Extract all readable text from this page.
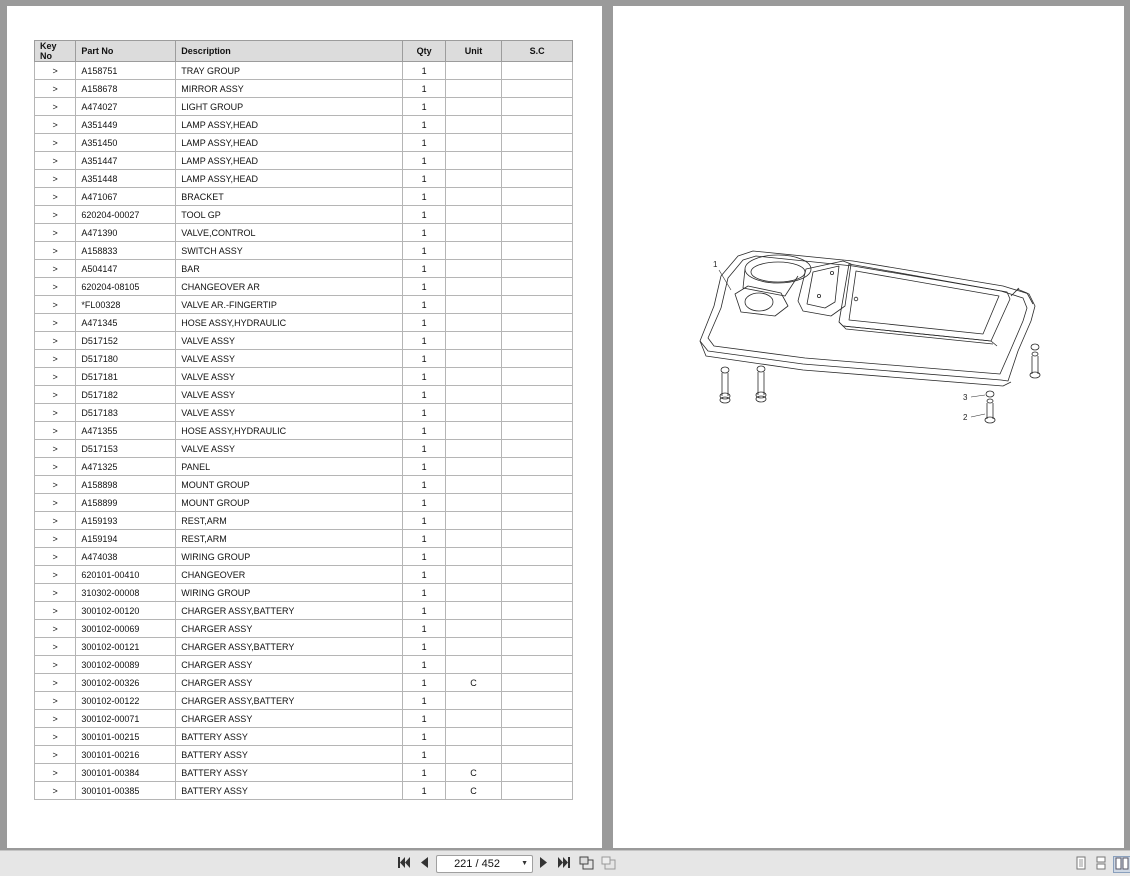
Key No	Part No	Description	Qty	Unit	S.C
>	A158751	TRAY GROUP	1		
>	A158678	MIRROR ASSY	1		
>	A474027	LIGHT GROUP	1		
>	A351449	LAMP ASSY,HEAD	1		
>	A351450	LAMP ASSY,HEAD	1		
>	A351447	LAMP ASSY,HEAD	1		
>	A351448	LAMP ASSY,HEAD	1		
>	A471067	BRACKET	1		
>	620204-00027	TOOL GP	1		
>	A471390	VALVE,CONTROL	1		
>	A158833	SWITCH ASSY	1		
>	A504147	BAR	1		
>	620204-08105	CHANGEOVER AR	1		
>	*FL00328	VALVE AR.-FINGERTIP	1		
>	A471345	HOSE ASSY,HYDRAULIC	1		
>	D517152	VALVE ASSY	1		
>	D517180	VALVE ASSY	1		
>	D517181	VALVE ASSY	1		
>	D517182	VALVE ASSY	1		
>	D517183	VALVE ASSY	1		
>	A471355	HOSE ASSY,HYDRAULIC	1		
>	D517153	VALVE ASSY	1		
>	A471325	PANEL	1		
>	A158898	MOUNT GROUP	1		
>	A158899	MOUNT GROUP	1		
>	A159193	REST,ARM	1		
>	A159194	REST,ARM	1		
>	A474038	WIRING GROUP	1		
>	620101-00410	CHANGEOVER	1		
>	310302-00008	WIRING GROUP	1		
>	300102-00120	CHARGER ASSY,BATTERY	1		
>	300102-00069	CHARGER ASSY	1		
>	300102-00121	CHARGER ASSY,BATTERY	1		
>	300102-00089	CHARGER ASSY	1		
>	300102-00326	CHARGER ASSY	1	C	
>	300102-00122	CHARGER ASSY,BATTERY	1		
>	300102-00071	CHARGER ASSY	1		
>	300101-00215	BATTERY ASSY	1		
>	300101-00216	BATTERY ASSY	1		
>	300101-00384	BATTERY ASSY	1	C	
>	300101-00385	BATTERY ASSY	1	C	
1
3
2
221 / 452	▼
